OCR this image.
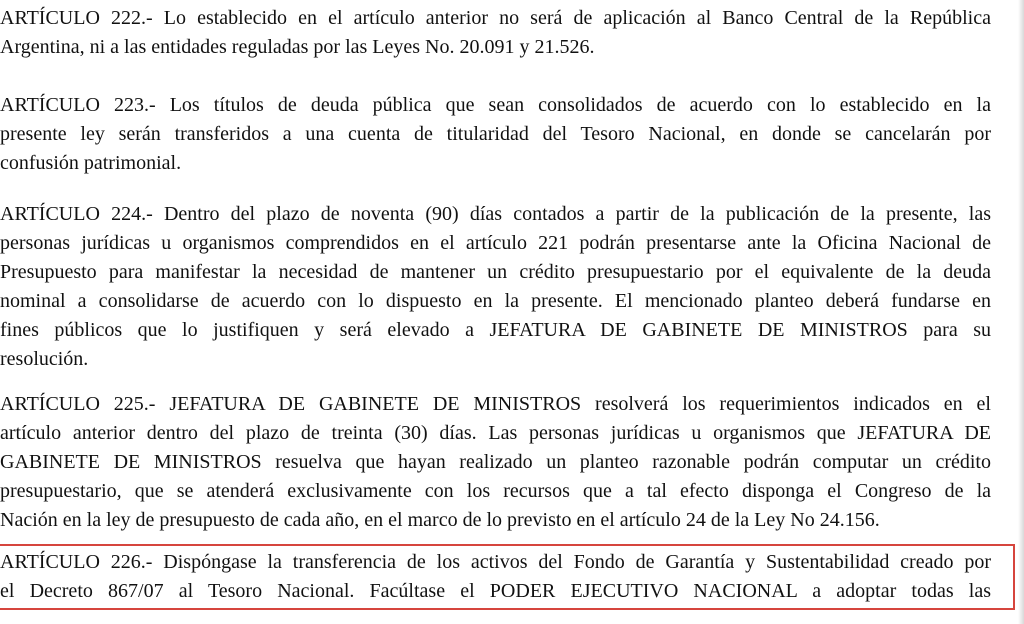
ARTÍCULO 222.- Lo establecido en el artículo anterior no será de aplicación al Banco Central de la República
Argentina, ni a las entidades reguladas por las Leyes No. 20.091 y 21.526.

ARTÍCULO 223.- Los títulos de deuda pública que sean consolidados de acuerdo con lo establecido en la
presente ley serán transferidos a una cuenta de titularidad del Tesoro Nacional, en donde se cancelarán por
confusión patrimonial.

ARTÍCULO 224.- Dentro del plazo de noventa (90) días contados a partir de la publicación de la presente, las
personas jurídicas u organismos comprendidos en el artículo 221 podrán presentarse ante la Oficina Nacional de
Presupuesto para manifestar la necesidad de mantener un crédito presupuestario por el equivalente de la deuda
nominal a consolidarse de acuerdo con lo dispuesto en la presente. El mencionado planteo deberá fundarse en
fines públicos que lo justifiquen y será elevado a JEFATURA DE GABINETE DE MINISTROS para su
resolución.

ARTÍCULO 225.- JEFATURA DE GABINETE DE MINISTROS resolverá los requerimientos indicados en el
artículo anterior dentro del plazo de treinta (30) días. Las personas jurídicas u organismos que JEFATURA DE
GABINETE DE MINISTROS resuelva que hayan realizado un planteo razonable podrán computar un crédito
presupuestario, que se atenderá exclusivamente con los recursos que a tal efecto disponga el Congreso de la
Nación en la ley de presupuesto de cada año, en el marco de lo previsto en el artículo 24 de la Ley No 24.156.

ARTÍCULO 226.- Dispóngase la transferencia de los activos del Fondo de Garantía y Sustentabilidad creado por
el Decreto 867/07 al Tesoro Nacional. Facúltase el PODER EJECUTIVO NACIONAL a adoptar todas las
